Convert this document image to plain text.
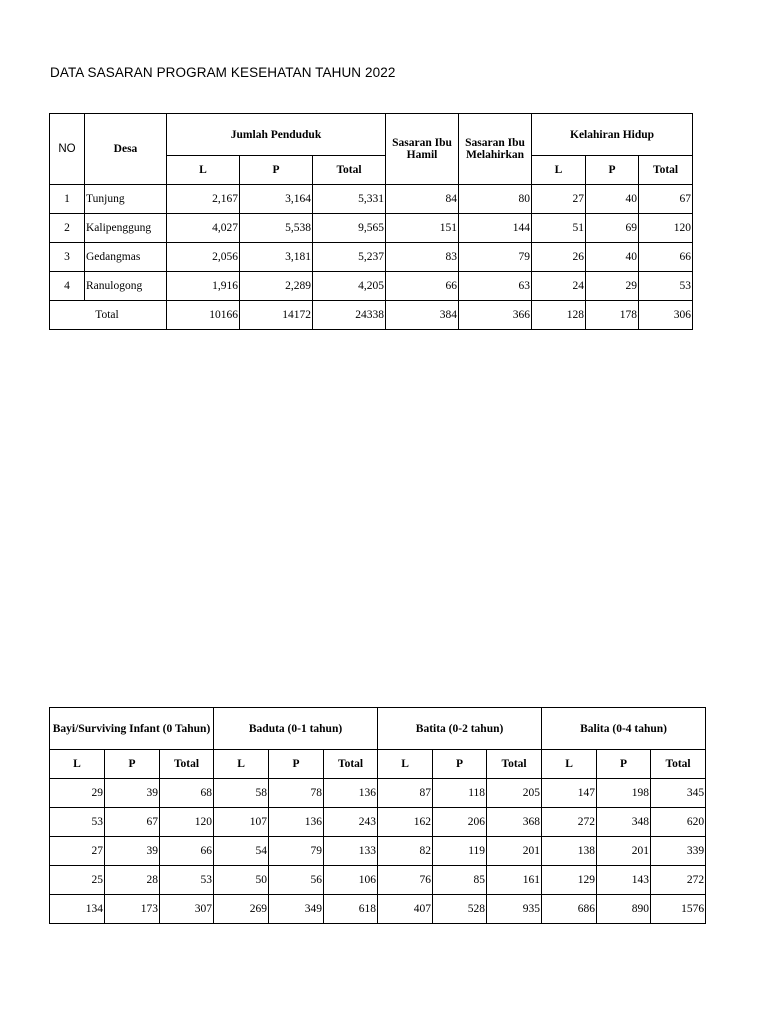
DATA SASARAN PROGRAM KESEHATAN TAHUN 2022
NO	Desa	Jumlah Penduduk			Sasaran Ibu Hamil	Sasaran Ibu Melahirkan	Kelahiran Hidup		
		L	P	Total			L	P	Total
1	Tunjung	2,167	3,164	5,331	84	80	27	40	67
2	Kalipenggung	4,027	5,538	9,565	151	144	51	69	120
3	Gedangmas	2,056	3,181	5,237	83	79	26	40	66
4	Ranulogong	1,916	2,289	4,205	66	63	24	29	53
Total		10166	14172	24338	384	366	128	178	306
Bayi/Surviving Infant (0 Tahun)			Baduta (0-1 tahun)			Batita (0-2 tahun)			Balita (0-4 tahun)		
L	P	Total	L	P	Total	L	P	Total	L	P	Total
29	39	68	58	78	136	87	118	205	147	198	345
53	67	120	107	136	243	162	206	368	272	348	620
27	39	66	54	79	133	82	119	201	138	201	339
25	28	53	50	56	106	76	85	161	129	143	272
134	173	307	269	349	618	407	528	935	686	890	1576
